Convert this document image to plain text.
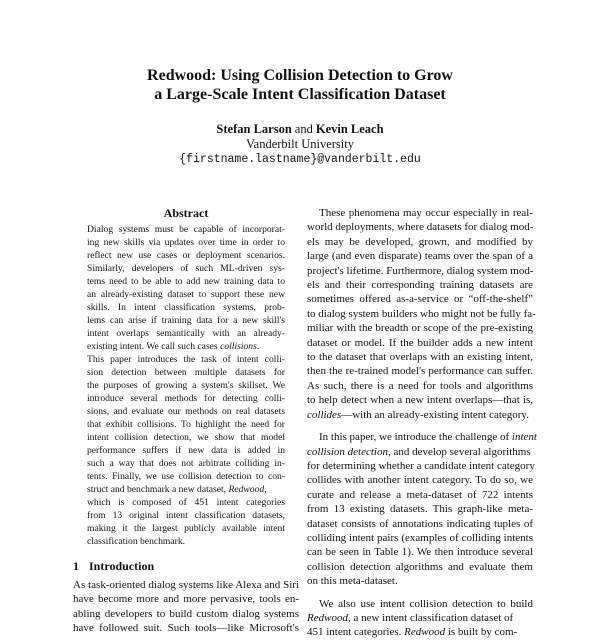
Redwood: Using Collision Detection to Grow
a Large-Scale Intent Classification Dataset
Stefan Larson and Kevin Leach
Vanderbilt University
{firstname.lastname}@vanderbilt.edu
Abstract
Dialog systems must be capable of incorporat-
ing new skills via updates over time in order to
reflect new use cases or deployment scenarios.
Similarly, developers of such ML-driven sys-
tems need to be able to add new training data to
an already-existing dataset to support these new
skills. In intent classification systems, prob-
lems can arise if training data for a new skill's
intent overlaps semantically with an already-
existing intent. We call such cases collisions.
This paper introduces the task of intent colli-
sion detection between multiple datasets for
the purposes of growing a system's skillset. We
introduce several methods for detecting colli-
sions, and evaluate our methods on real datasets
that exhibit collisions. To highlight the need for
intent collision detection, we show that model
performance suffers if new data is added in
such a way that does not arbitrate colliding in-
tents. Finally, we use collision detection to con-
struct and benchmark a new dataset, Redwood,
which is composed of 451 intent categories
from 13 original intent classification datasets,
making it the largest publicly available intent
classification benchmark.
1 Introduction
As task-oriented dialog systems like Alexa and Siri
have become more and more pervasive, tools en-
abling developers to build custom dialog systems
have followed suit. Such tools—like Microsoft's
These phenomena may occur especially in real-
world deployments, where datasets for dialog mod-
els may be developed, grown, and modified by
large (and even disparate) teams over the span of a
project's lifetime. Furthermore, dialog system mod-
els and their corresponding training datasets are
sometimes offered as-a-service or “off-the-shelf”
to dialog system builders who might not be fully fa-
miliar with the breadth or scope of the pre-existing
dataset or model. If the builder adds a new intent
to the dataset that overlaps with an existing intent,
then the re-trained model's performance can suffer.
As such, there is a need for tools and algorithms
to help detect when a new intent overlaps—that is,
collides—with an already-existing intent category.
In this paper, we introduce the challenge of intent
collision detection, and develop several algorithms
for determining whether a candidate intent category
collides with another intent category. To do so, we
curate and release a meta-dataset of 722 intents
from 13 existing datasets. This graph-like meta-
dataset consists of annotations indicating tuples of
colliding intent pairs (examples of colliding intents
can be seen in Table 1). We then introduce several
collision detection algorithms and evaluate them
on this meta-dataset.
We also use intent collision detection to build
Redwood, a new intent classification dataset of
451 intent categories. Redwood is built by com-
